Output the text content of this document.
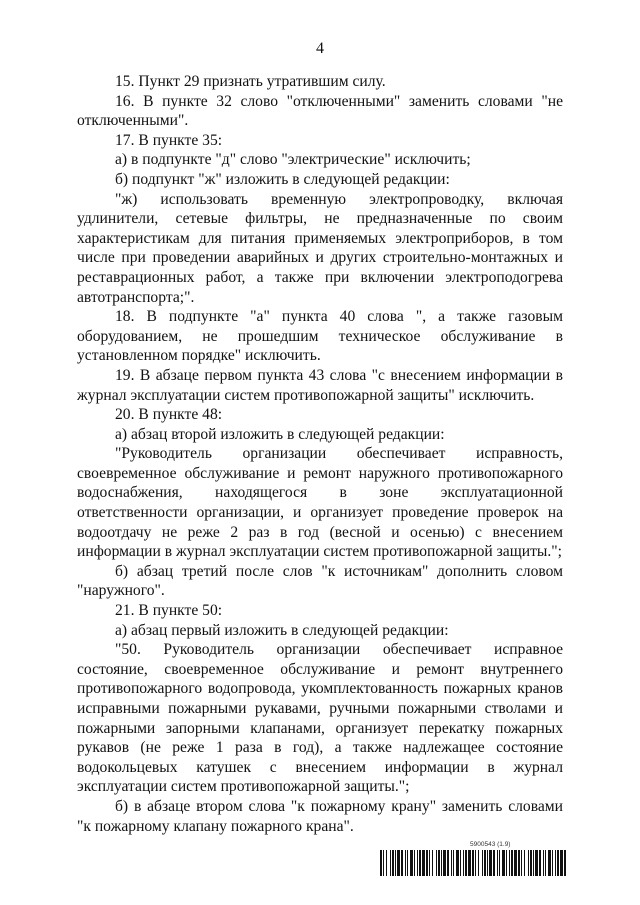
4

15. Пункт 29 признать утратившим силу.

16. В пункте 32 слово "отключенными" заменить словами "не отключенными".

17. В пункте 35:

а) в подпункте "д" слово "электрические" исключить;

б) подпункт "ж" изложить в следующей редакции:

"ж) использовать временную электропроводку, включая удлинители, сетевые фильтры, не предназначенные по своим характеристикам для питания применяемых электроприборов, в том числе при проведении аварийных и других строительно-монтажных и реставрационных работ, а также при включении электроподогрева автотранспорта;".

18. В подпункте "а" пункта 40 слова ", а также газовым оборудованием, не прошедшим техническое обслуживание в установленном порядке" исключить.

19. В абзаце первом пункта 43 слова "с внесением информации в журнал эксплуатации систем противопожарной защиты" исключить.

20. В пункте 48:

а) абзац второй изложить в следующей редакции:

"Руководитель организации обеспечивает исправность, своевременное обслуживание и ремонт наружного противопожарного водоснабжения, находящегося в зоне эксплуатационной ответственности организации, и организует проведение проверок на водоотдачу не реже 2 раз в год (весной и осенью) с внесением информации в журнал эксплуатации систем противопожарной защиты.";

б) абзац третий после слов "к источникам" дополнить словом "наружного".

21. В пункте 50:

а) абзац первый изложить в следующей редакции:

"50. Руководитель организации обеспечивает исправное состояние, своевременное обслуживание и ремонт внутреннего противопожарного водопровода, укомплектованность пожарных кранов исправными пожарными рукавами, ручными пожарными стволами и пожарными запорными клапанами, организует перекатку пожарных рукавов (не реже 1 раза в год), а также надлежащее состояние водокольцевых катушек с внесением информации в журнал эксплуатации систем противопожарной защиты.";

б) в абзаце втором слова "к пожарному крану" заменить словами "к пожарному клапану пожарного крана".

5900543 (1.9)
